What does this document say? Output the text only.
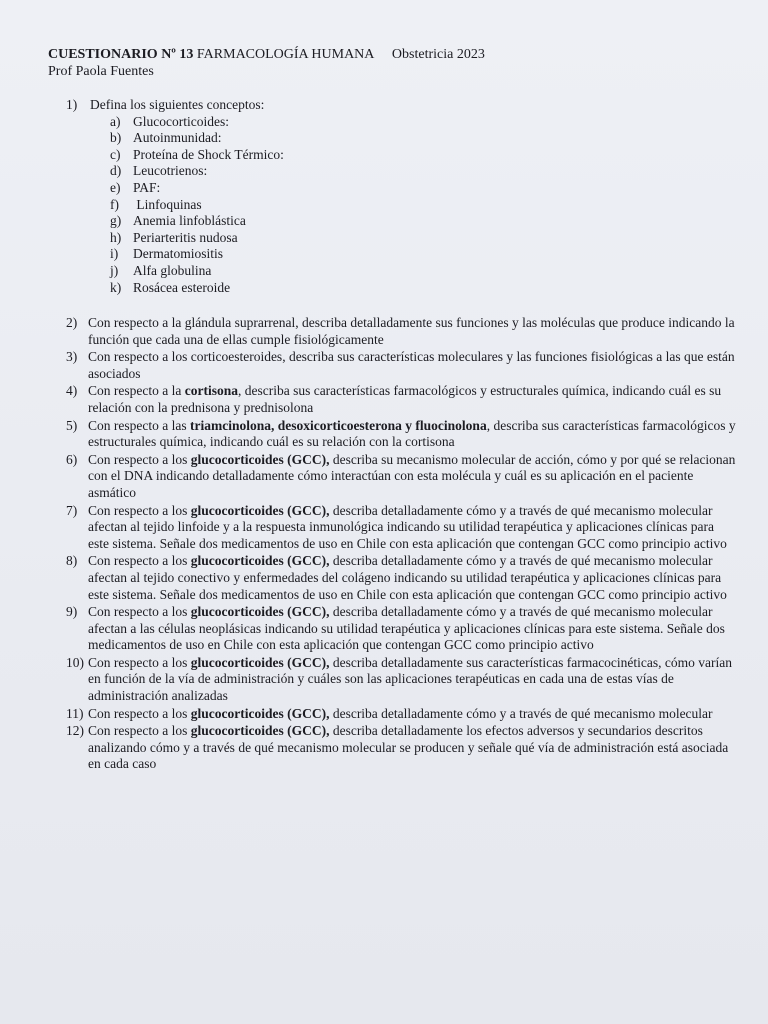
CUESTIONARIO Nº 13 FARMACOLOGÍA HUMANA Obstetricia 2023
Prof Paola Fuentes
1) Defina los siguientes conceptos:
a) Glucocorticoides:
b) Autoinmunidad:
c) Proteína de Shock Térmico:
d) Leucotrienos:
e) PAF:
f) Linfoquinas
g) Anemia linfoblástica
h) Periarteritis nudosa
i) Dermatomiositis
j) Alfa globulina
k) Rosácea esteroide
2) Con respecto a la glándula suprarrenal, describa detalladamente sus funciones y las moléculas que produce indicando la función que cada una de ellas cumple fisiológicamente
3) Con respecto a los corticoesteroides, describa sus características moleculares y las funciones fisiológicas a las que están asociados
4) Con respecto a la cortisona, describa sus características farmacológicos y estructurales química, indicando cuál es su relación con la prednisona y prednisolona
5) Con respecto a las triamcinolona, desoxicorticoesterona y fluocinolona, describa sus características farmacológicos y estructurales química, indicando cuál es su relación con la cortisona
6) Con respecto a los glucocorticoides (GCC), describa su mecanismo molecular de acción, cómo y por qué se relacionan con el DNA indicando detalladamente cómo interactúan con esta molécula y cuál es su aplicación en el paciente asmático
7) Con respecto a los glucocorticoides (GCC), describa detalladamente cómo y a través de qué mecanismo molecular afectan al tejido linfoide y a la respuesta inmunológica indicando su utilidad terapéutica y aplicaciones clínicas para este sistema. Señale dos medicamentos de uso en Chile con esta aplicación que contengan GCC como principio activo
8) Con respecto a los glucocorticoides (GCC), describa detalladamente cómo y a través de qué mecanismo molecular afectan al tejido conectivo y enfermedades del colágeno indicando su utilidad terapéutica y aplicaciones clínicas para este sistema. Señale dos medicamentos de uso en Chile con esta aplicación que contengan GCC como principio activo
9) Con respecto a los glucocorticoides (GCC), describa detalladamente cómo y a través de qué mecanismo molecular afectan a las células neoplásicas indicando su utilidad terapéutica y aplicaciones clínicas para este sistema. Señale dos medicamentos de uso en Chile con esta aplicación que contengan GCC como principio activo
10) Con respecto a los glucocorticoides (GCC), describa detalladamente sus características farmacocinéticas, cómo varían en función de la vía de administración y cuáles son las aplicaciones terapéuticas en cada una de estas vías de administración analizadas
11) Con respecto a los glucocorticoides (GCC), describa detalladamente cómo y a través de qué mecanismo molecular
12) Con respecto a los glucocorticoides (GCC), describa detalladamente los efectos adversos y secundarios descritos analizando cómo y a través de qué mecanismo molecular se producen y señale qué vía de administración está asociada en cada caso
